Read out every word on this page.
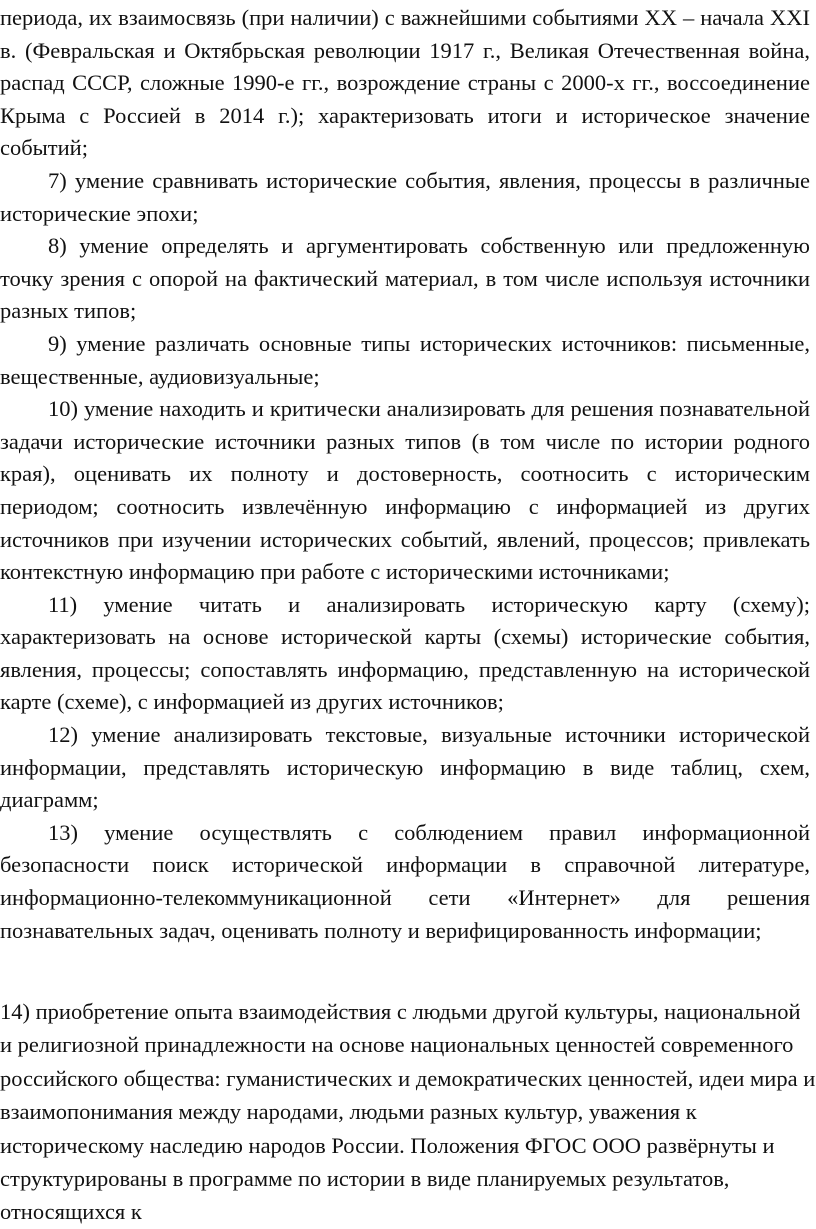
периода, их взаимосвязь (при наличии) с важнейшими событиями XX – начала XXI в. (Февральская и Октябрьская революции 1917 г., Великая Отечественная война, распад СССР, сложные 1990-е гг., возрождение страны с 2000-х гг., воссоединение Крыма с Россией в 2014 г.); характеризовать итоги и историческое значение событий;

7) умение сравнивать исторические события, явления, процессы в различные исторические эпохи;

8) умение определять и аргументировать собственную или предложенную точку зрения с опорой на фактический материал, в том числе используя источники разных типов;

9) умение различать основные типы исторических источников: письменные, вещественные, аудиовизуальные;

10) умение находить и критически анализировать для решения познавательной задачи исторические источники разных типов (в том числе по истории родного края), оценивать их полноту и достоверность, соотносить с историческим периодом; соотносить извлечённую информацию с информацией из других источников при изучении исторических событий, явлений, процессов; привлекать контекстную информацию при работе с историческими источниками;

11) умение читать и анализировать историческую карту (схему); характеризовать на основе исторической карты (схемы) исторические события, явления, процессы; сопоставлять информацию, представленную на исторической карте (схеме), с информацией из других источников;

12) умение анализировать текстовые, визуальные источники исторической информации, представлять историческую информацию в виде таблиц, схем, диаграмм;

13) умение осуществлять с соблюдением правил информационной безопасности поиск исторической информации в справочной литературе, информационно-телекоммуникационной сети «Интернет» для решения познавательных задач, оценивать полноту и верифицированность информации;

14) приобретение опыта взаимодействия с людьми другой культуры, национальной и религиозной принадлежности на основе национальных ценностей современного российского общества: гуманистических и демократических ценностей, идеи мира и взаимопонимания между народами, людьми разных культур, уважения к историческому наследию народов России. Положения ФГОС ООО развёрнуты и структурированы в программе по истории в виде планируемых результатов, относящихся к
